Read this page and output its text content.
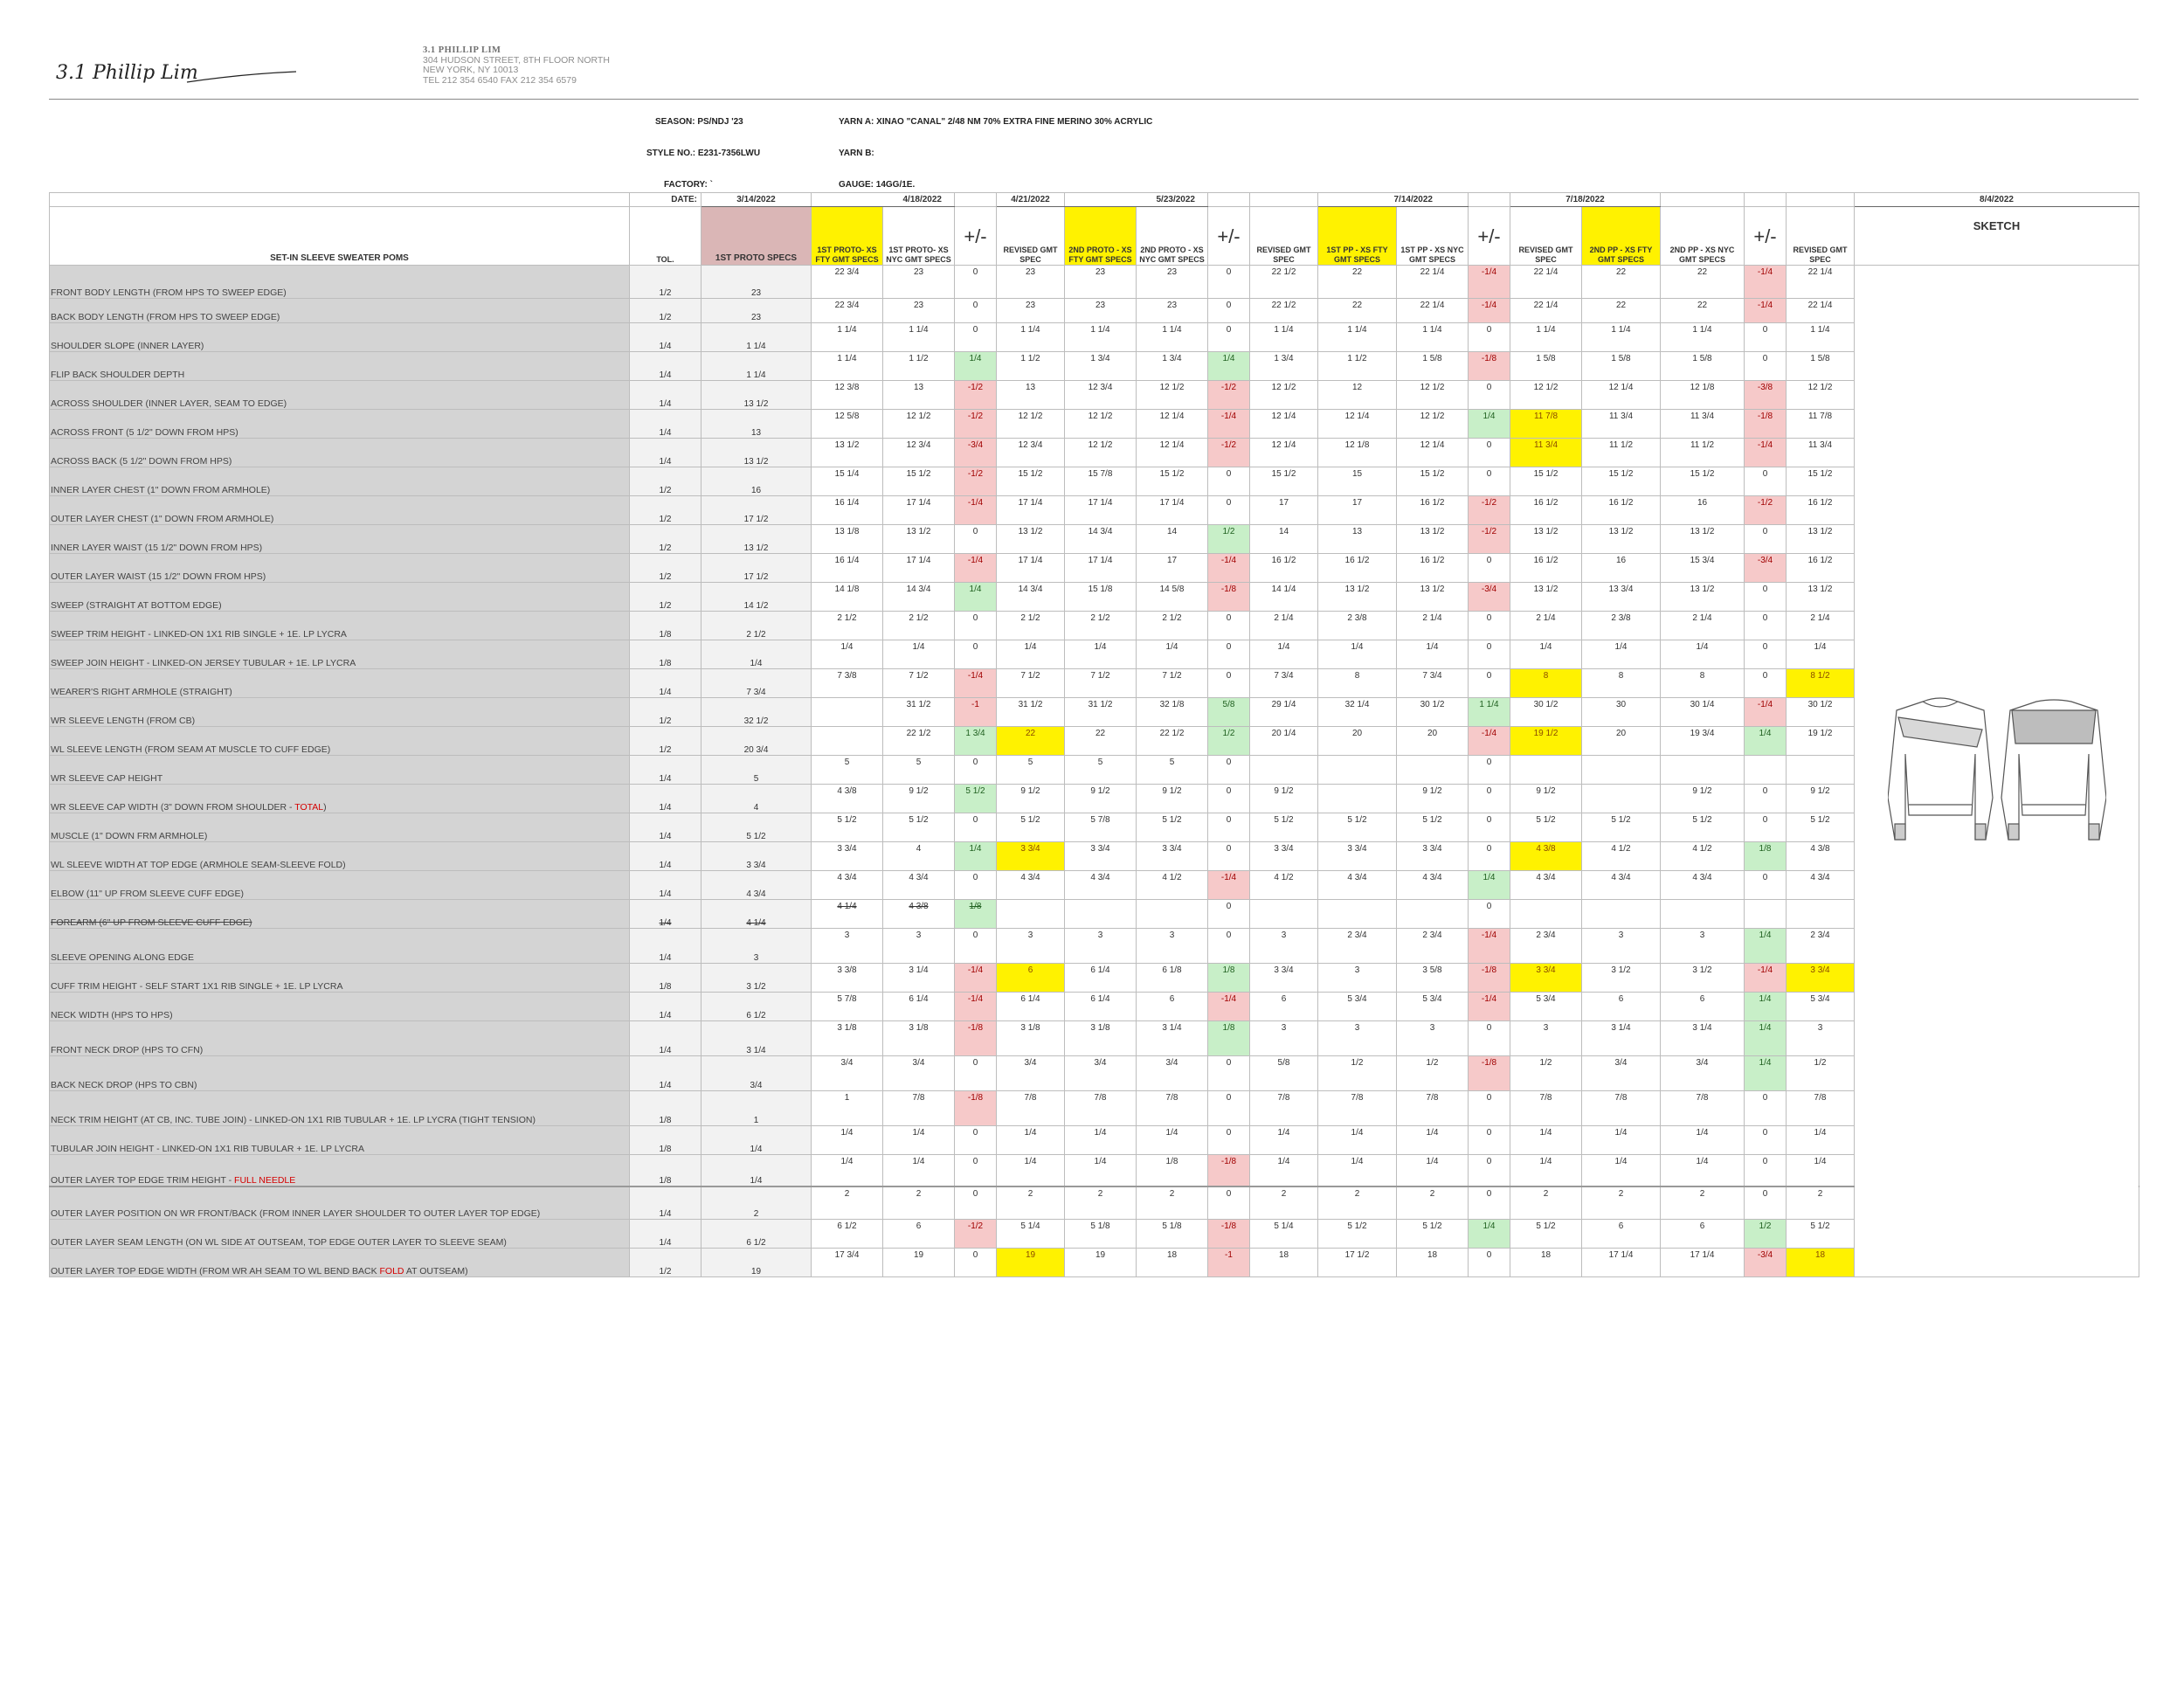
3.1 Phillip Lim
3.1 PHILLIP LIM
304 HUDSON STREET, 8TH FLOOR NORTH
NEW YORK, NY 10013
TEL 212 354 6540 FAX 212 354 6579
SEASON: PS/NDJ '23	YARN A: XINAO "CANAL" 2/48 NM 70% EXTRA FINE MERINO 30% ACRYLIC
STYLE NO.: E231-7356LWU	YARN B:
FACTORY: `	GAUGE: 14GG/1E.
	DATE:	3/14/2022	4/18/2022			4/21/2022	5/23/2022				7/14/2022			7/18/2022					8/4/2022	
SET-IN SLEEVE SWEATER POMS	TOL.	1ST PROTO SPECS	1ST PROTO- XS FTY GMT SPECS	1ST PROTO- XS NYC GMT SPECS	+/-	REVISED GMT SPEC	2ND PROTO - XS FTY GMT SPECS	2ND PROTO - XS NYC GMT SPECS	+/-	REVISED GMT SPEC	1ST PP - XS FTY GMT SPECS	1ST PP - XS NYC GMT SPECS	+/-	REVISED GMT SPEC	2ND PP - XS FTY GMT SPECS	2ND PP - XS NYC GMT SPECS	+/-	REVISED GMT SPEC	SKETCH	
FRONT BODY LENGTH (FROM HPS TO SWEEP EDGE)	1/2	23	22 3/4	23	0	23	23	23	0	22 1/2	22	22 1/4	-1/4	22 1/4	22	22	-1/4	22 1/4	

BACK BODY LENGTH (FROM HPS TO SWEEP EDGE)	1/2	23	22 3/4	23	0	23	23	23	0	22 1/2	22	22 1/4	-1/4	22 1/4	22	22	-1/4	22 1/4		
SHOULDER SLOPE (INNER LAYER)	1/4	1 1/4	1 1/4	1 1/4	0	1 1/4	1 1/4	1 1/4	0	1 1/4	1 1/4	1 1/4	0	1 1/4	1 1/4	1 1/4	0	1 1/4		
FLIP BACK SHOULDER DEPTH	1/4	1 1/4	1 1/4	1 1/2	1/4	1 1/2	1 3/4	1 3/4	1/4	1 3/4	1 1/2	1 5/8	-1/8	1 5/8	1 5/8	1 5/8	0	1 5/8		
ACROSS SHOULDER (INNER LAYER, SEAM TO EDGE)	1/4	13 1/2	12 3/8	13	-1/2	13	12 3/4	12 1/2	-1/2	12 1/2	12	12 1/2	0	12 1/2	12 1/4	12 1/8	-3/8	12 1/2		
ACROSS FRONT (5 1/2" DOWN FROM HPS)	1/4	13	12 5/8	12 1/2	-1/2	12 1/2	12 1/2	12 1/4	-1/4	12 1/4	12 1/4	12 1/2	1/4	11 7/8	11 3/4	11 3/4	-1/8	11 7/8		
ACROSS BACK (5 1/2" DOWN FROM HPS)	1/4	13 1/2	13 1/2	12 3/4	-3/4	12 3/4	12 1/2	12 1/4	-1/2	12 1/4	12 1/8	12 1/4	0	11 3/4	11 1/2	11 1/2	-1/4	11 3/4		
INNER LAYER CHEST (1" DOWN FROM ARMHOLE)	1/2	16	15 1/4	15 1/2	-1/2	15 1/2	15 7/8	15 1/2	0	15 1/2	15	15 1/2	0	15 1/2	15 1/2	15 1/2	0	15 1/2		
OUTER LAYER CHEST (1" DOWN FROM ARMHOLE)	1/2	17 1/2	16 1/4	17 1/4	-1/4	17 1/4	17 1/4	17 1/4	0	17	17	16 1/2	-1/2	16 1/2	16 1/2	16	-1/2	16 1/2		
INNER LAYER WAIST (15 1/2" DOWN FROM HPS)	1/2	13 1/2	13 1/8	13 1/2	0	13 1/2	14 3/4	14	1/2	14	13	13 1/2	-1/2	13 1/2	13 1/2	13 1/2	0	13 1/2		
OUTER LAYER WAIST (15 1/2" DOWN FROM HPS)	1/2	17 1/2	16 1/4	17 1/4	-1/4	17 1/4	17 1/4	17	-1/4	16 1/2	16 1/2	16 1/2	0	16 1/2	16	15 3/4	-3/4	16 1/2		
SWEEP (STRAIGHT AT BOTTOM EDGE)	1/2	14 1/2	14 1/8	14 3/4	1/4	14 3/4	15 1/8	14 5/8	-1/8	14 1/4	13 1/2	13 1/2	-3/4	13 1/2	13 3/4	13 1/2	0	13 1/2		
SWEEP TRIM HEIGHT - LINKED-ON 1X1 RIB SINGLE + 1E. LP LYCRA	1/8	2 1/2	2 1/2	2 1/2	0	2 1/2	2 1/2	2 1/2	0	2 1/4	2 3/8	2 1/4	0	2 1/4	2 3/8	2 1/4	0	2 1/4		
SWEEP JOIN HEIGHT - LINKED-ON JERSEY TUBULAR + 1E. LP LYCRA	1/8	1/4	1/4	1/4	0	1/4	1/4	1/4	0	1/4	1/4	1/4	0	1/4	1/4	1/4	0	1/4		
WEARER'S RIGHT ARMHOLE (STRAIGHT)	1/4	7 3/4	7 3/8	7 1/2	-1/4	7 1/2	7 1/2	7 1/2	0	7 3/4	8	7 3/4	0	8	8	8	0	8 1/2		
WR SLEEVE LENGTH (FROM CB)	1/2	32 1/2		31 1/2	-1	31 1/2	31 1/2	32 1/8	5/8	29 1/4	32 1/4	30 1/2	1 1/4	30 1/2	30	30 1/4	-1/4	30 1/2		
WL SLEEVE LENGTH (FROM SEAM AT MUSCLE TO CUFF EDGE)	1/2	20 3/4		22 1/2	1 3/4	22	22	22 1/2	1/2	20 1/4	20	20	-1/4	19 1/2	20	19 3/4	1/4	19 1/2		
WR SLEEVE CAP HEIGHT	1/4	5	5	5	0	5	5	5	0				0							
WR SLEEVE CAP WIDTH (3" DOWN FROM SHOULDER - TOTAL)	1/4	4	4 3/8	9 1/2	5 1/2	9 1/2	9 1/2	9 1/2	0	9 1/2		9 1/2	0	9 1/2		9 1/2	0	9 1/2		
MUSCLE (1" DOWN FRM ARMHOLE)	1/4	5 1/2	5 1/2	5 1/2	0	5 1/2	5 7/8	5 1/2	0	5 1/2	5 1/2	5 1/2	0	5 1/2	5 1/2	5 1/2	0	5 1/2		
WL SLEEVE WIDTH AT TOP EDGE (ARMHOLE SEAM-SLEEVE FOLD)	1/4	3 3/4	3 3/4	4	1/4	3 3/4	3 3/4	3 3/4	0	3 3/4	3 3/4	3 3/4	0	4 3/8	4 1/2	4 1/2	1/8	4 3/8		
ELBOW (11" UP FROM SLEEVE CUFF EDGE)	1/4	4 3/4	4 3/4	4 3/4	0	4 3/4	4 3/4	4 1/2	-1/4	4 1/2	4 3/4	4 3/4	1/4	4 3/4	4 3/4	4 3/4	0	4 3/4		
FOREARM (6" UP FROM SLEEVE CUFF EDGE)	1/4	4 1/4	4 1/4	4 3/8	1/8				0				0							
SLEEVE OPENING ALONG EDGE	1/4	3	3	3	0	3	3	3	0	3	2 3/4	2 3/4	-1/4	2 3/4	3	3	1/4	2 3/4		
CUFF TRIM HEIGHT - SELF START 1X1 RIB SINGLE + 1E. LP LYCRA	1/8	3 1/2	3 3/8	3 1/4	-1/4	6	6 1/4	6 1/8	1/8	3 3/4	3	3 5/8	-1/8	3 3/4	3 1/2	3 1/2	-1/4	3 3/4		
NECK WIDTH (HPS TO HPS)	1/4	6 1/2	5 7/8	6 1/4	-1/4	6 1/4	6 1/4	6	-1/4	6	5 3/4	5 3/4	-1/4	5 3/4	6	6	1/4	5 3/4		
FRONT NECK DROP (HPS TO CFN)	1/4	3 1/4	3 1/8	3 1/8	-1/8	3 1/8	3 1/8	3 1/4	1/8	3	3	3	0	3	3 1/4	3 1/4	1/4	3		
BACK NECK DROP (HPS TO CBN)	1/4	3/4	3/4	3/4	0	3/4	3/4	3/4	0	5/8	1/2	1/2	-1/8	1/2	3/4	3/4	1/4	1/2		
NECK TRIM HEIGHT (AT CB, INC. TUBE JOIN) - LINKED-ON 1X1 RIB TUBULAR + 1E. LP LYCRA (TIGHT TENSION)	1/8	1	1	7/8	-1/8	7/8	7/8	7/8	0	7/8	7/8	7/8	0	7/8	7/8	7/8	0	7/8		
TUBULAR JOIN HEIGHT - LINKED-ON 1X1 RIB TUBULAR + 1E. LP LYCRA	1/8	1/4	1/4	1/4	0	1/4	1/4	1/4	0	1/4	1/4	1/4	0	1/4	1/4	1/4	0	1/4		
OUTER LAYER TOP EDGE TRIM HEIGHT - FULL NEEDLE	1/8	1/4	1/4	1/4	0	1/4	1/4	1/8	-1/8	1/4	1/4	1/4	0	1/4	1/4	1/4	0	1/4		
OUTER LAYER POSITION ON WR FRONT/BACK (FROM INNER LAYER SHOULDER TO OUTER LAYER TOP EDGE)	1/4	2	2	2	0	2	2	2	0	2	2	2	0	2	2	2	0	2		
OUTER LAYER SEAM LENGTH (ON WL SIDE AT OUTSEAM, TOP EDGE OUTER LAYER TO SLEEVE SEAM)	1/4	6 1/2	6 1/2	6	-1/2	5 1/4	5 1/8	5 1/8	-1/8	5 1/4	5 1/2	5 1/2	1/4	5 1/2	6	6	1/2	5 1/2		
OUTER LAYER TOP EDGE WIDTH (FROM WR AH SEAM TO WL BEND BACK FOLD AT OUTSEAM)	1/2	19	17 3/4	19	0	19	19	18	-1	18	17 1/2	18	0	18	17 1/4	17 1/4	-3/4	18		
